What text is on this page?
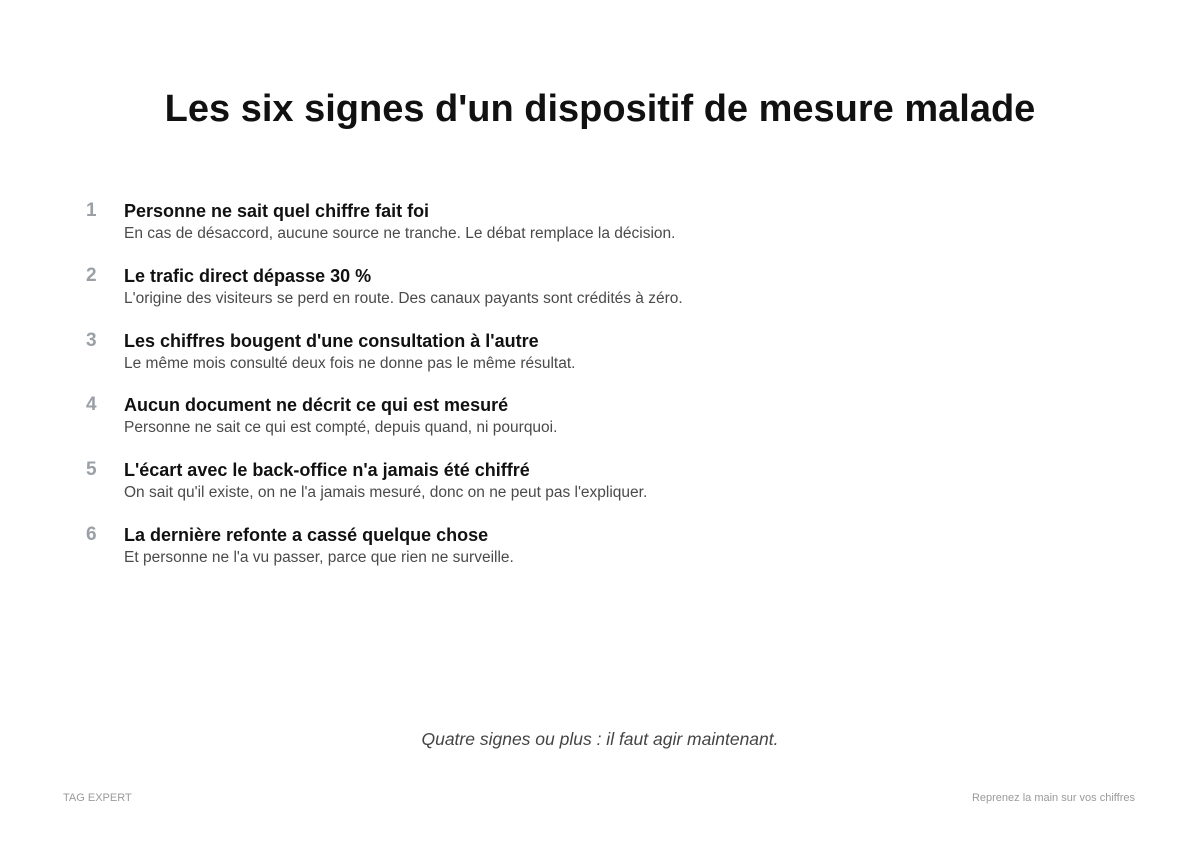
Les six signes d'un dispositif de mesure malade
1	Personne ne sait quel chiffre fait foi
En cas de désaccord, aucune source ne tranche. Le débat remplace la décision.
2	Le trafic direct dépasse 30 %
L'origine des visiteurs se perd en route. Des canaux payants sont crédités à zéro.
3	Les chiffres bougent d'une consultation à l'autre
Le même mois consulté deux fois ne donne pas le même résultat.
4	Aucun document ne décrit ce qui est mesuré
Personne ne sait ce qui est compté, depuis quand, ni pourquoi.
5	L'écart avec le back-office n'a jamais été chiffré
On sait qu'il existe, on ne l'a jamais mesuré, donc on ne peut pas l'expliquer.
6	La dernière refonte a cassé quelque chose
Et personne ne l'a vu passer, parce que rien ne surveille.
Quatre signes ou plus : il faut agir maintenant.
TAG EXPERT	Reprenez la main sur vos chiffres
